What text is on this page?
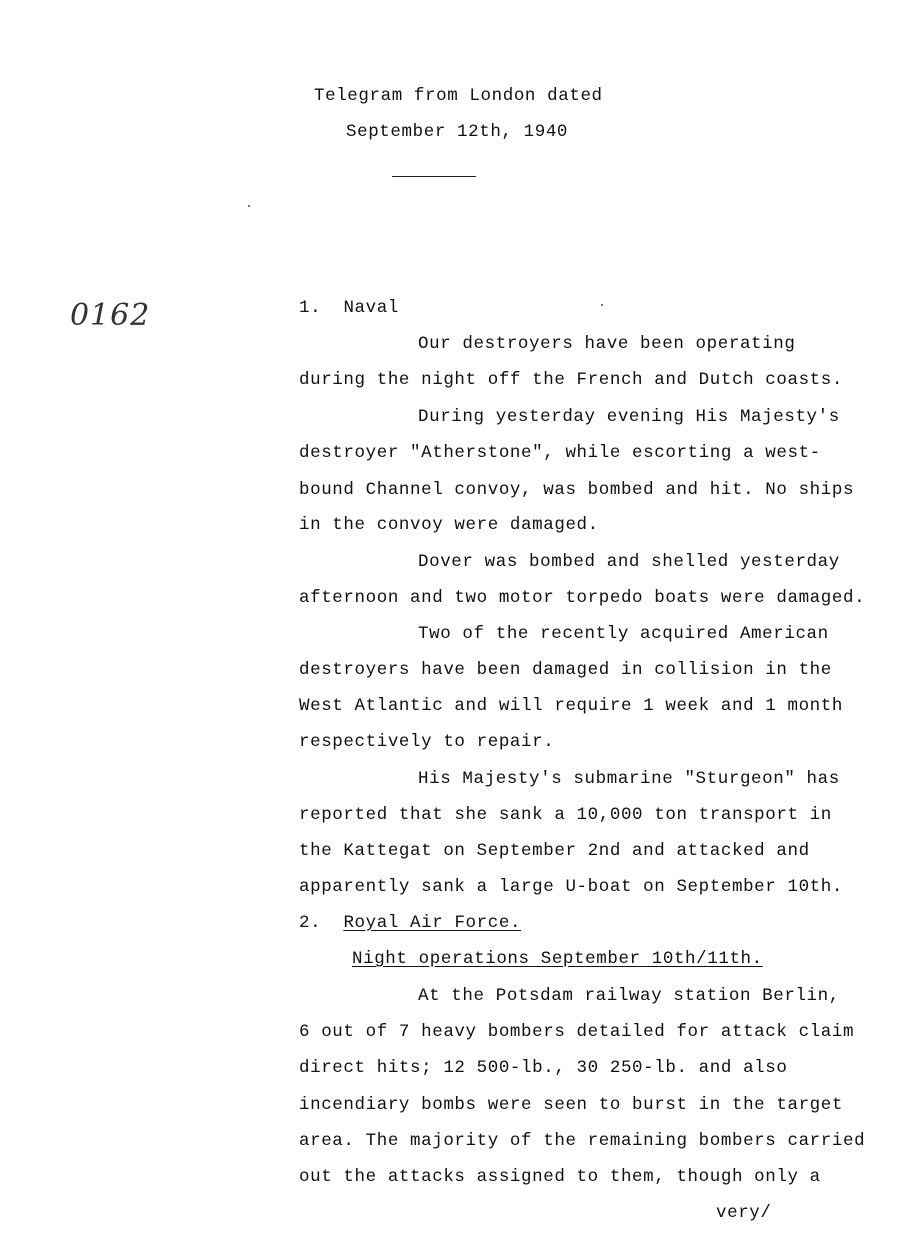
Telegram from London dated
September 12th, 1940
0162	1. Naval
Our destroyers have been operating
during the night off the French and Dutch coasts.
During yesterday evening His Majesty's
destroyer "Atherstone", while escorting a west-
bound Channel convoy, was bombed and hit. No ships
in the convoy were damaged.
Dover was bombed and shelled yesterday
afternoon and two motor torpedo boats were damaged.
Two of the recently acquired American
destroyers have been damaged in collision in the
West Atlantic and will require 1 week and 1 month
respectively to repair.
His Majesty's submarine "Sturgeon" has
reported that she sank a 10,000 ton transport in
the Kattegat on September 2nd and attacked and
apparently sank a large U-boat on September 10th.
2. Royal Air Force.
Night operations September 10th/11th.
At the Potsdam railway station Berlin,
6 out of 7 heavy bombers detailed for attack claim
direct hits; 12 500-lb., 30 250-lb. and also
incendiary bombs were seen to burst in the target
area. The majority of the remaining bombers carried
out the attacks assigned to them, though only a
very/
